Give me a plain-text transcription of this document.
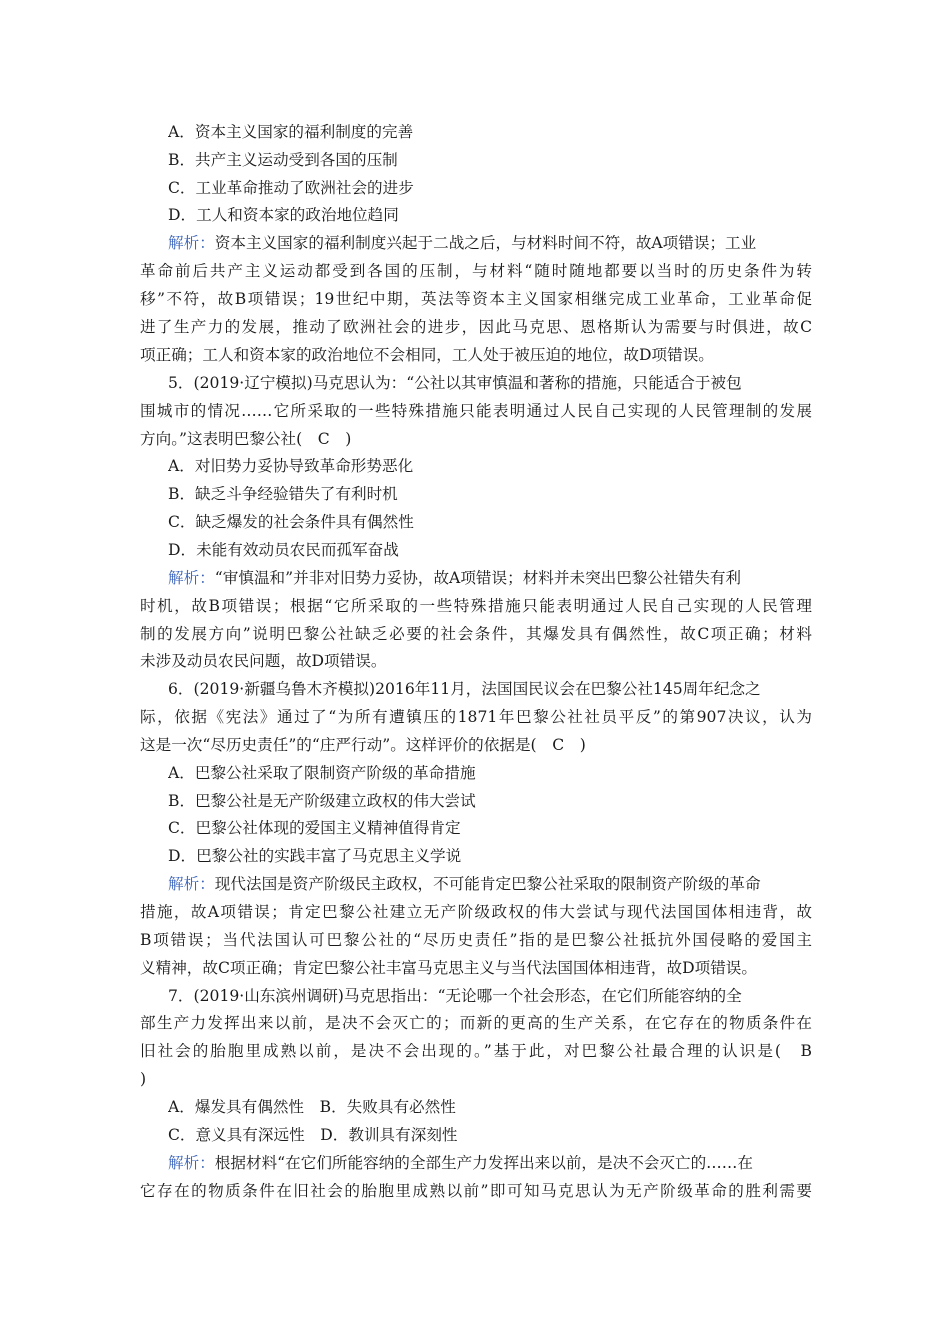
A．资本主义国家的福利制度的完善
B．共产主义运动受到各国的压制
C．工业革命推动了欧洲社会的进步
D．工人和资本家的政治地位趋同
解析：资本主义国家的福利制度兴起于二战之后，与材料时间不符，故A项错误；工业
革命前后共产主义运动都受到各国的压制，与材料“随时随地都要以当时的历史条件为转
移”不符，故B项错误；19世纪中期，英法等资本主义国家相继完成工业革命，工业革命促
进了生产力的发展，推动了欧洲社会的进步，因此马克思、恩格斯认为需要与时俱进，故C
项正确；工人和资本家的政治地位不会相同，工人处于被压迫的地位，故D项错误。
5．(2019·辽宁模拟)马克思认为：“公社以其审慎温和著称的措施，只能适合于被包
围城市的情况……它所采取的一些特殊措施只能表明通过人民自己实现的人民管理制的发展
方向。”这表明巴黎公社(　C　)
A．对旧势力妥协导致革命形势恶化
B．缺乏斗争经验错失了有利时机
C．缺乏爆发的社会条件具有偶然性
D．未能有效动员农民而孤军奋战
解析：“审慎温和”并非对旧势力妥协，故A项错误；材料并未突出巴黎公社错失有利
时机，故B项错误；根据“它所采取的一些特殊措施只能表明通过人民自己实现的人民管理
制的发展方向”说明巴黎公社缺乏必要的社会条件，其爆发具有偶然性，故C项正确；材料
未涉及动员农民问题，故D项错误。
6．(2019·新疆乌鲁木齐模拟)2016年11月，法国国民议会在巴黎公社145周年纪念之
际，依据《宪法》通过了“为所有遭镇压的1871年巴黎公社社员平反”的第907决议，认为
这是一次“尽历史责任”的“庄严行动”。这样评价的依据是(　C　)
A．巴黎公社采取了限制资产阶级的革命措施
B．巴黎公社是无产阶级建立政权的伟大尝试
C．巴黎公社体现的爱国主义精神值得肯定
D．巴黎公社的实践丰富了马克思主义学说
解析：现代法国是资产阶级民主政权，不可能肯定巴黎公社采取的限制资产阶级的革命
措施，故A项错误；肯定巴黎公社建立无产阶级政权的伟大尝试与现代法国国体相违背，故
B项错误；当代法国认可巴黎公社的“尽历史责任”指的是巴黎公社抵抗外国侵略的爱国主
义精神，故C项正确；肯定巴黎公社丰富马克思主义与当代法国国体相违背，故D项错误。
7．(2019·山东滨州调研)马克思指出：“无论哪一个社会形态，在它们所能容纳的全
部生产力发挥出来以前，是决不会灭亡的；而新的更高的生产关系，在它存在的物质条件在
旧社会的胎胞里成熟以前，是决不会出现的。”基于此，对巴黎公社最合理的认识是(　B
)
A．爆发具有偶然性　B．失败具有必然性
C．意义具有深远性　D．教训具有深刻性
解析：根据材料“在它们所能容纳的全部生产力发挥出来以前，是决不会灭亡的……在
它存在的物质条件在旧社会的胎胞里成熟以前”即可知马克思认为无产阶级革命的胜利需要
